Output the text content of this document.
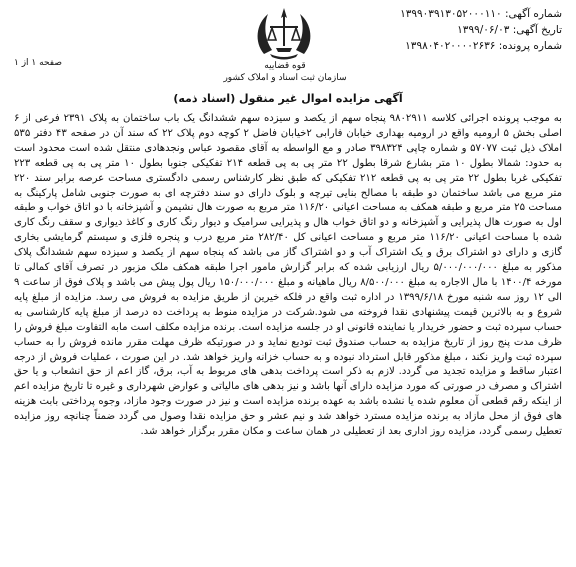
شماره آگهی: ۱۳۹۹۰۳۹۱۳۰۵۲۰۰۰۱۱۰
تاریخ آگهی: ۱۳۹۹/۰۶/۰۳
شماره پرونده: ۱۳۹۸۰۴۰۲۰۰۰۰۲۶۳۶
قوه قضاییه
سازمان ثبت اسناد و املاک کشور
صفحه ۱ از ۱
آگهی مزایده اموال غیر منقول (اسناد ذمه)
به موجب پرونده اجرائی کلاسه ۹۸۰۲۹۱۱ پنجاه سهم از یکصد و سیزده سهم ششدانگ یک باب ساختمان به پلاک ۲۳۹۱ فرعی از ۶ اصلی بخش ۵ ارومیه واقع در ارومیه بهداری خیابان فارابی ۲خیابان فاضل ۲ کوچه دوم پلاک ۲۲ که سند آن در صفحه ۴۳ دفتر ۵۳۵ املاک ذیل ثبت ۵۷۰۷۷ و شماره چاپی ۳۹۸۳۲۴ صادر و مع الواسطه به آقای مقصود عباس ونجدهادی منتقل شده است محدود است به حدود: شمالا بطول ۱۰ متر بشارع شرقا بطول ۲۲ متر پی به پی قطعه ۲۱۴ تفکیکی جنوبا بطول ۱۰ متر پی به پی قطعه ۲۲۳ تفکیکی غربا بطول ۲۲ متر پی به پی قطعه ۲۱۲ تفکیکی که طبق نظر کارشناس رسمی دادگستری مساحت عرصه برابر سند ۲۲۰ متر مربع می باشد ساختمان دو طبقه با مصالح بنایی تیرچه و بلوک دارای دو سند دفترچه ای به صورت جنوبی شامل پارکینگ به مساحت ۲۵ متر مربع و طبقه همکف به مساحت اعیانی ۱۱۶/۲۰ متر مربع به صورت هال نشیمن و آشپزخانه با دو اتاق خواب و طبقه اول به صورت هال پذیرایی و آشپزخانه و دو اتاق خواب هال و پذیرایی سرامیک و دیوار رنگ کاری و کاغذ دیواری و سقف رنگ کاری شده با مساحت اعیانی ۱۱۶/۲۰ متر مربع و مساحت اعیانی کل ۲۸۲/۴۰ متر مربع درب و پنجره فلزی و سیستم گرمایشی بخاری گازی و دارای دو اشتراک برق و یک اشتراک آب و دو اشتراک گاز می باشد که پنجاه سهم از یکصد و سیزده سهم ششدانگ پلاک مذکور به مبلغ ۵/۰۰۰/۰۰۰/۰۰۰ ریال ارزیابی شده که برابر گزارش مامور اجرا طبقه همکف ملک مزبور در تصرف آقای کمالی تا مورخه ۱۴۰۰/۴ با مال الاجاره به مبلغ ۸/۵۰۰/۰۰۰ ریال ماهیانه و مبلغ ۱۵۰/۰۰۰/۰۰۰ ریال پول پیش می باشد و پلاک فوق از ساعت ۹ الی ۱۲ روز سه شنبه مورخ ۱۳۹۹/۶/۱۸ در اداره ثبت واقع در فلکه خیرین از طریق مزایده به فروش می رسد. مزایده از مبلغ پایه شروع و به بالاترین قیمت پیشنهادی نقدا فروخته می شود.شرکت در مزایده منوط به پرداخت ده درصد از مبلغ پایه کارشناسی به حساب سپرده ثبت و حضور خریدار یا نماینده قانونی او در جلسه مزایده است. برنده مزایده مکلف است مابه التفاوت مبلغ فروش را ظرف مدت پنج روز از تاریخ مزایده به حساب صندوق ثبت تودیع نماید و در صورتیکه ظرف مهلت مقرر مانده فروش را به حساب سپرده ثبت واریز نکند ، مبلغ مذکور قابل استرداد نبوده و به حساب خزانه واریز خواهد شد. در این صورت ، عملیات فروش از درجه اعتبار ساقط و مزایده تجدید می گردد. لازم به ذکر است پرداخت بدهی های مربوط به آب، برق، گاز اعم از حق انشعاب و یا حق اشتراک و مصرف در صورتی که مورد مزایده دارای آنها باشد و نیز بدهی های مالیاتی و عوارض شهرداری و غیره تا تاریخ مزایده اعم از اینکه رقم قطعی آن معلوم شده یا نشده باشد به عهده برنده مزایده است و نیز در صورت وجود مازاد، وجوه پرداختی بابت هزینه های فوق از محل مازاد به برنده مزایده مسترد خواهد شد و نیم عشر و حق مزایده نقدا وصول می گردد ضمناً چنانچه روز مزایده تعطیل رسمی گردد، مزایده روز اداری بعد از تعطیلی در همان ساعت و مکان مقرر برگزار خواهد شد.
